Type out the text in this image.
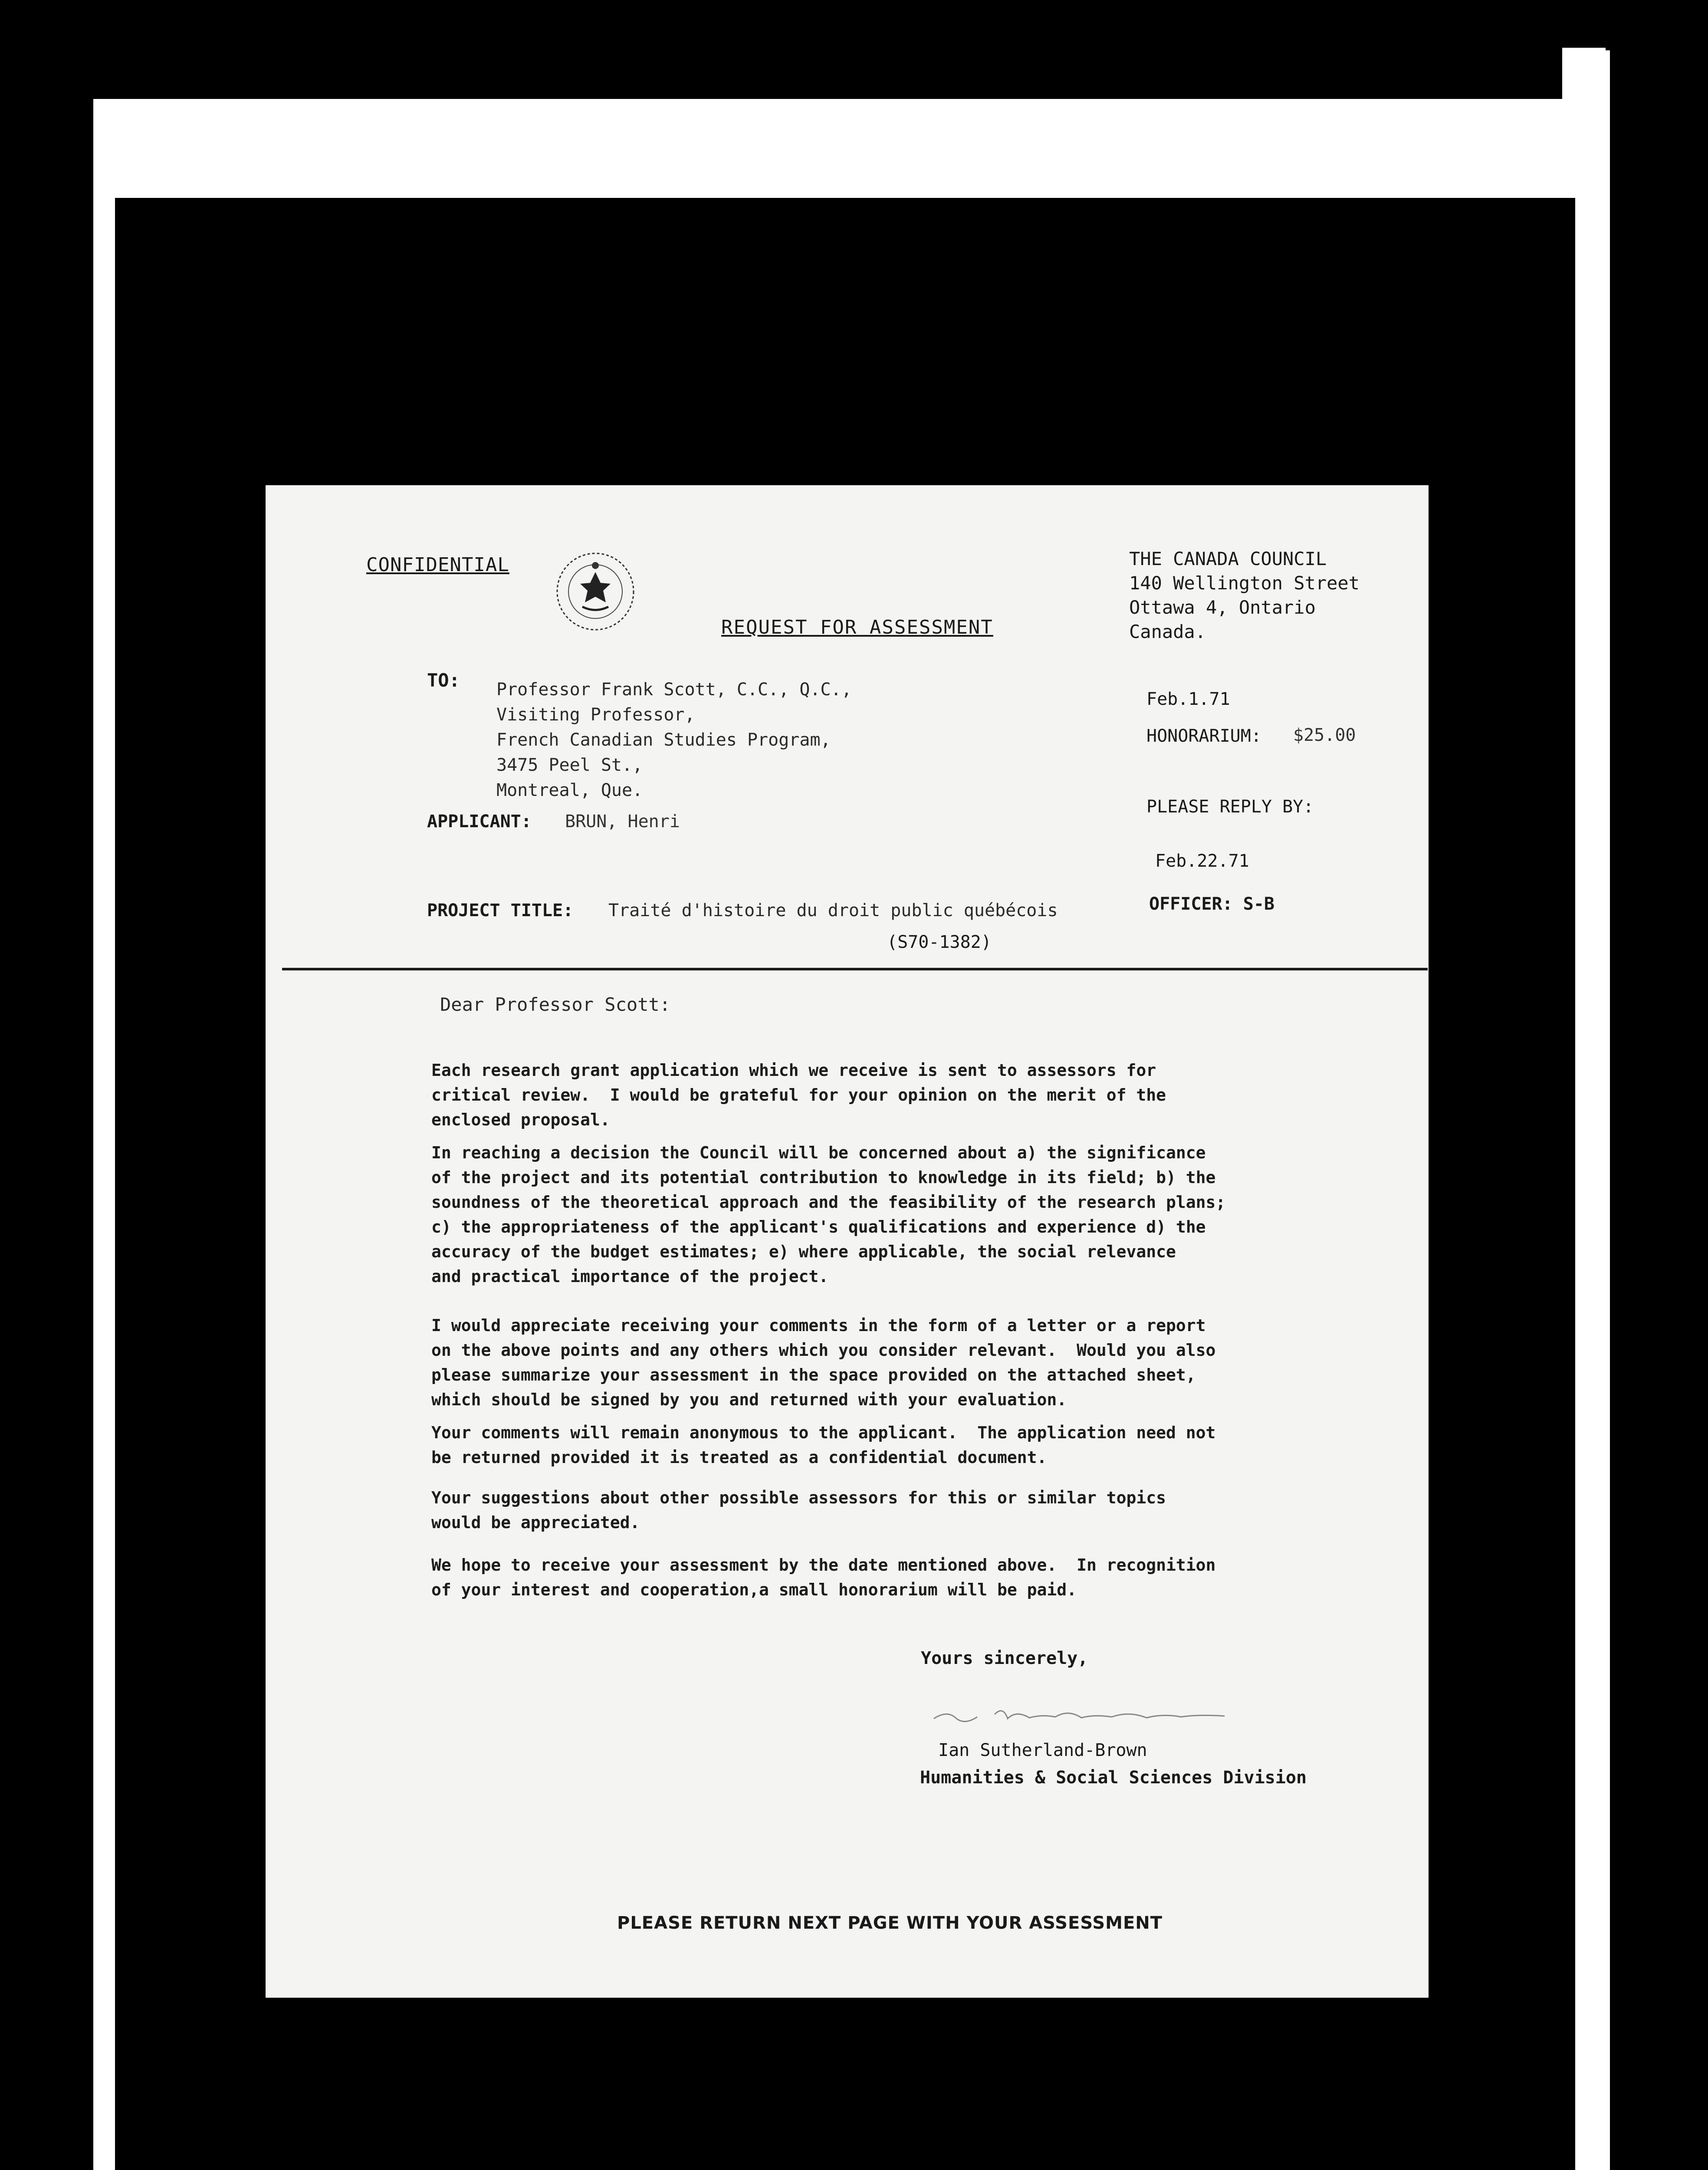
CONFIDENTIAL
REQUEST FOR ASSESSMENT
THE CANADA COUNCIL
140 Wellington Street
Ottawa 4, Ontario
Canada.
TO: Professor Frank Scott, C.C., Q.C.,
Visiting Professor,
French Canadian Studies Program,
3475 Peel St.,
Montreal, Que.
Feb.1.71
HONORARIUM: $25.00
PLEASE REPLY BY:
Feb.22.71
OFFICER: S-B
APPLICANT: BRUN, Henri
PROJECT TITLE: Traité d'histoire du droit public québécois
(S70-1382)
Dear Professor Scott:
Each research grant application which we receive is sent to assessors for
critical review.  I would be grateful for your opinion on the merit of the
enclosed proposal.
In reaching a decision the Council will be concerned about a) the significance
of the project and its potential contribution to knowledge in its field; b) the
soundness of the theoretical approach and the feasibility of the research plans;
c) the appropriateness of the applicant's qualifications and experience d) the
accuracy of the budget estimates; e) where applicable, the social relevance
and practical importance of the project.
I would appreciate receiving your comments in the form of a letter or a report
on the above points and any others which you consider relevant.  Would you also
please summarize your assessment in the space provided on the attached sheet,
which should be signed by you and returned with your evaluation.
Your comments will remain anonymous to the applicant.  The application need not
be returned provided it is treated as a confidential document.
Your suggestions about other possible assessors for this or similar topics
would be appreciated.
We hope to receive your assessment by the date mentioned above.  In recognition
of your interest and cooperation,a small honorarium will be paid.
Yours sincerely,
Ian Sutherland-Brown
Humanities & Social Sciences Division
PLEASE RETURN NEXT PAGE WITH YOUR ASSESSMENT
